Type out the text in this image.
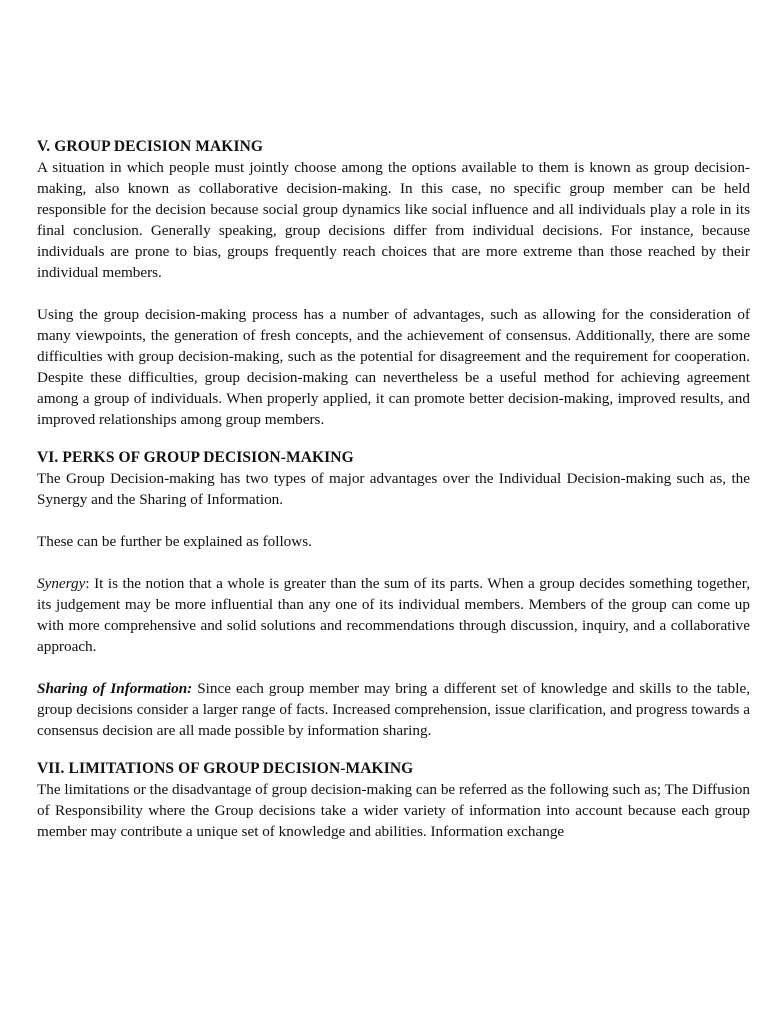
V. GROUP DECISION MAKING

A situation in which people must jointly choose among the options available to them is known as group decision-making, also known as collaborative decision-making. In this case, no specific group member can be held responsible for the decision because social group dynamics like social influence and all individuals play a role in its final conclusion. Generally speaking, group decisions differ from individual decisions. For instance, because individuals are prone to bias, groups frequently reach choices that are more extreme than those reached by their individual members.

Using the group decision-making process has a number of advantages, such as allowing for the consideration of many viewpoints, the generation of fresh concepts, and the achievement of consensus. Additionally, there are some difficulties with group decision-making, such as the potential for disagreement and the requirement for cooperation. Despite these difficulties, group decision-making can nevertheless be a useful method for achieving agreement among a group of individuals. When properly applied, it can promote better decision-making, improved results, and improved relationships among group members.

VI. PERKS OF GROUP DECISION-MAKING

The Group Decision-making has two types of major advantages over the Individual Decision-making such as, the Synergy and the Sharing of Information.

These can be further be explained as follows.

Synergy: It is the notion that a whole is greater than the sum of its parts. When a group decides something together, its judgement may be more influential than any one of its individual members. Members of the group can come up with more comprehensive and solid solutions and recommendations through discussion, inquiry, and a collaborative approach.

Sharing of Information: Since each group member may bring a different set of knowledge and skills to the table, group decisions consider a larger range of facts. Increased comprehension, issue clarification, and progress towards a consensus decision are all made possible by information sharing.

VII. LIMITATIONS OF GROUP DECISION-MAKING

The limitations or the disadvantage of group decision-making can be referred as the following such as; The Diffusion of Responsibility where the Group decisions take a wider variety of information into account because each group member may contribute a unique set of knowledge and abilities. Information exchange
